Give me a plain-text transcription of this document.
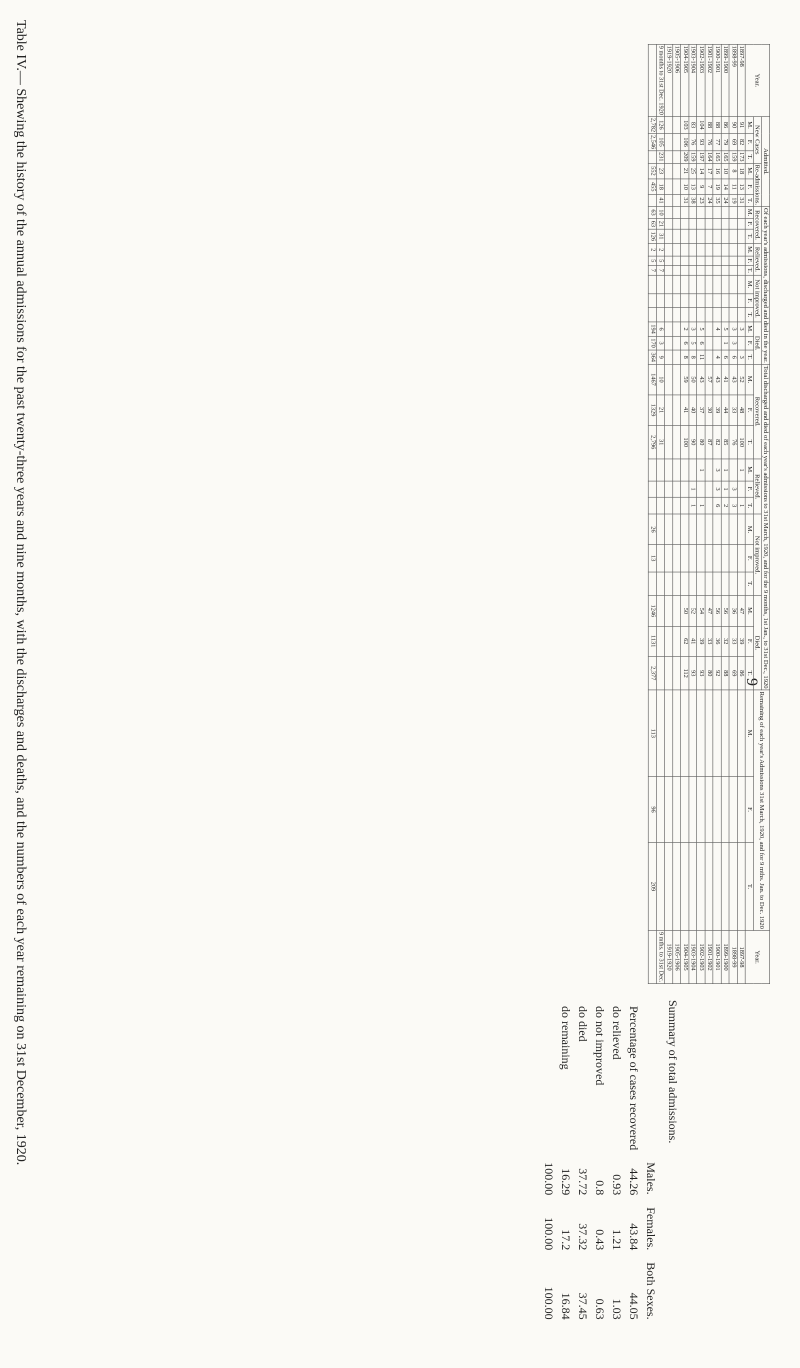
9
Table IV.— Shewing the history of the annual admissions for the past twenty-three years and nine months, with the discharges and deaths, and the numbers of each year remaining on 31st December, 1920.
Year.	Admitted.						Of each year's admissions, discharged and died in the year.												Total discharged and died of each year's admissions to 31st March, 1920, and for the 9 months, 1st Jan., to 31st Dec., 1920												Remaining of each year's Admissions 31st March, 1920, and for 9 mths. Jan. to Dec. 1920			Year.
	New Cases			Re-admissions.			Recovered.			Relieved.			Not improved.			Died.			Recovered.			Relieved.			Not improved.			Died.						
	M.	F.	T.	M.	F.	T.	M.	F.	T.	M.	F.	T.	M.	F.	T.	M.	F.	T.	M.	F.	T.	M.	F.	T.	M.	F.	T.	M.	F.	T.	M.	F.	T.	
1897-98	91	82	173	18	13	31										3		3	52	48	100	1		1				47	39	86				1897-98
1898-99	90	69	159	8	11	19										3	3	6	43	33	76		3	3				36	33	69				1898-99
1899-1900	86	79	165	10	14	24										5	1	6	41	44	85	1	1	2				56	32	88				1899-1900
1900-1901	88	77	165	16	19	35										4		4	43	39	82	3	3	6				56	36	92				1900-1901
1901-1902	88	76	164	17	7	24													57	30	87							47	33	80				1901-1902
1902-1903	104	93	197	14	9	23										5	6	11	43	37	80	1		1				54	39	93				1902-1903
1903-1904	83	76	159	25	13	38										3	5	8	50	40	90		1	1				52	41	93				1903-1904
1904-1905	103	106	209	21	10	31										2	6	8	59	41	100							50	62	112				1904-1905
1905-1906																																		1905-1906
1919-1920																																		1919-1920
9 months to 31st Dec. 1920	126	105	231	23	18	41	10	21	31	2	5	7				6	3	9	10	21	31													9 mths. to 31st Dec.
	2,782	2,546		552	455		63	63	126	2	5	7				194	170	364	1467	1329	2,796				26	13		1246	1131	2,377	113	96	209	
Summary of total admissions.
	Males.	Females.	Both Sexes.
Percentage of cases recovered	44.26	43.84	44.05
do relieved	0.93	1.21	1.03
do not improved	0.8	0.43	0.63
do died	37.72	37.32	37.45
do remaining	16.29	17.2	16.84
	100.00	100.00	100.00
